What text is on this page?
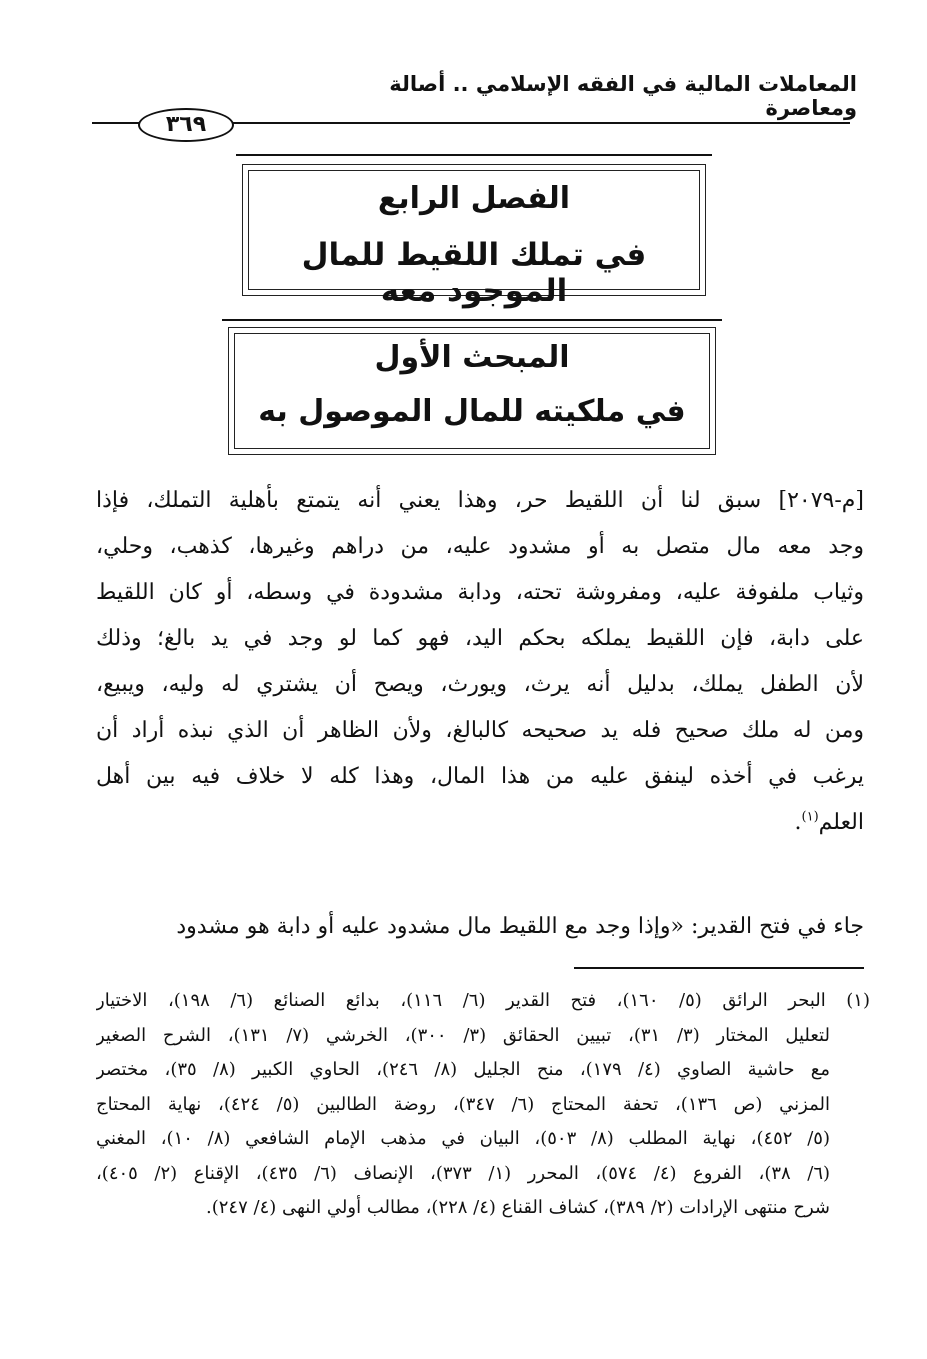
المعاملات المالية في الفقه الإسلامي .. أصالة ومعاصرة
٣٦٩
الفصل الرابع
في تملك اللقيط للمال الموجود معه
المبحث الأول
في ملكيته للمال الموصول به
[م-٢٠٧٩] سبق لنا أن اللقيط حر، وهذا يعني أنه يتمتع بأهلية التملك، فإذا
وجد معه مال متصل به أو مشدود عليه، من دراهم وغيرها، كذهب، وحلي،
وثياب ملفوفة عليه، ومفروشة تحته، ودابة مشدودة في وسطه، أو كان اللقيط
على دابة، فإن اللقيط يملكه بحكم اليد، فهو كما لو وجد في يد بالغ؛ وذلك
لأن الطفل يملك، بدليل أنه يرث، ويورث، ويصح أن يشتري له وليه، ويبيع،
ومن له ملك صحيح فله يد صحيحه كالبالغ، ولأن الظاهر أن الذي نبذه أراد أن
يرغب في أخذه لينفق عليه من هذا المال، وهذا كله لا خلاف فيه بين أهل
العلم$^{(١)}$.
جاء في فتح القدير: «وإذا وجد مع اللقيط مال مشدود عليه أو دابة هو مشدود
(١) البحر الرائق (٥/ ١٦٠)، فتح القدير (٦/ ١١٦)، بدائع الصنائع (٦/ ١٩٨)، الاختيار
لتعليل المختار (٣/ ٣١)، تبيين الحقائق (٣/ ٣٠٠)، الخرشي (٧/ ١٣١)، الشرح الصغير
مع حاشية الصاوي (٤/ ١٧٩)، منح الجليل (٨/ ٢٤٦)، الحاوي الكبير (٨/ ٣٥)، مختصر
المزني (ص ١٣٦)، تحفة المحتاج (٦/ ٣٤٧)، روضة الطالبين (٥/ ٤٢٤)، نهاية المحتاج
(٥/ ٤٥٢)، نهاية المطلب (٨/ ٥٠٣)، البيان في مذهب الإمام الشافعي (٨/ ١٠)، المغني
(٦/ ٣٨)، الفروع (٤/ ٥٧٤)، المحرر (١/ ٣٧٣)، الإنصاف (٦/ ٤٣٥)، الإقناع (٢/ ٤٠٥)،
شرح منتهى الإرادات (٢/ ٣٨٩)، كشاف القناع (٤/ ٢٢٨)، مطالب أولي النهى (٤/ ٢٤٧).
